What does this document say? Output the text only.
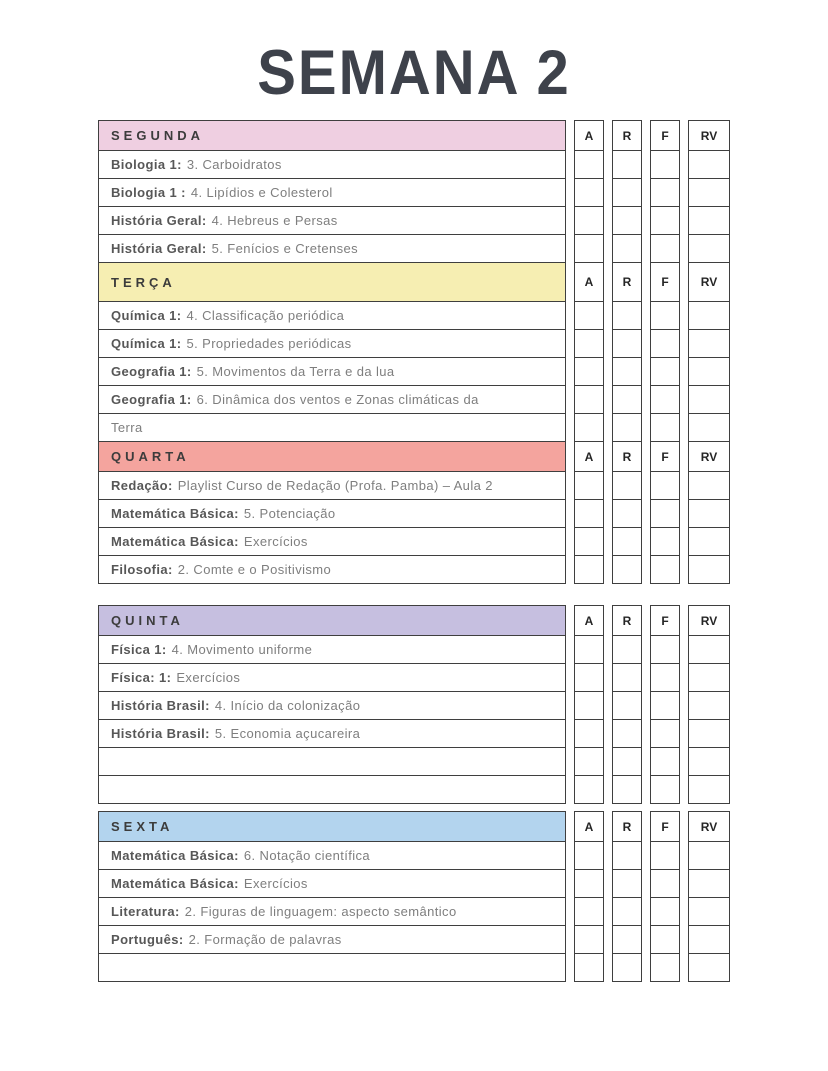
SEMANA 2
SEGUNDA	A	R	F	RV
Biologia 1: 3. Carboidratos
Biologia 1 : 4. Lipídios e Colesterol
História Geral: 4. Hebreus e Persas
História Geral: 5. Fenícios e Cretenses
TERÇA	A	R	F	RV
Química 1: 4. Classificação periódica
Química 1: 5. Propriedades periódicas
Geografia 1: 5. Movimentos da Terra e da lua
Geografia 1: 6. Dinâmica dos ventos e Zonas climáticas da
Terra
QUARTA	A	R	F	RV
Redação: Playlist Curso de Redação (Profa. Pamba) – Aula 2
Matemática Básica: 5. Potenciação
Matemática Básica: Exercícios
Filosofia: 2. Comte e o Positivismo
QUINTA	A	R	F	RV
Física 1: 4. Movimento uniforme
Física: 1: Exercícios
História Brasil: 4. Início da colonização
História Brasil: 5. Economia açucareira
SEXTA	A	R	F	RV
Matemática Básica: 6. Notação científica
Matemática Básica: Exercícios
Literatura: 2. Figuras de linguagem: aspecto semântico
Português: 2. Formação de palavras
